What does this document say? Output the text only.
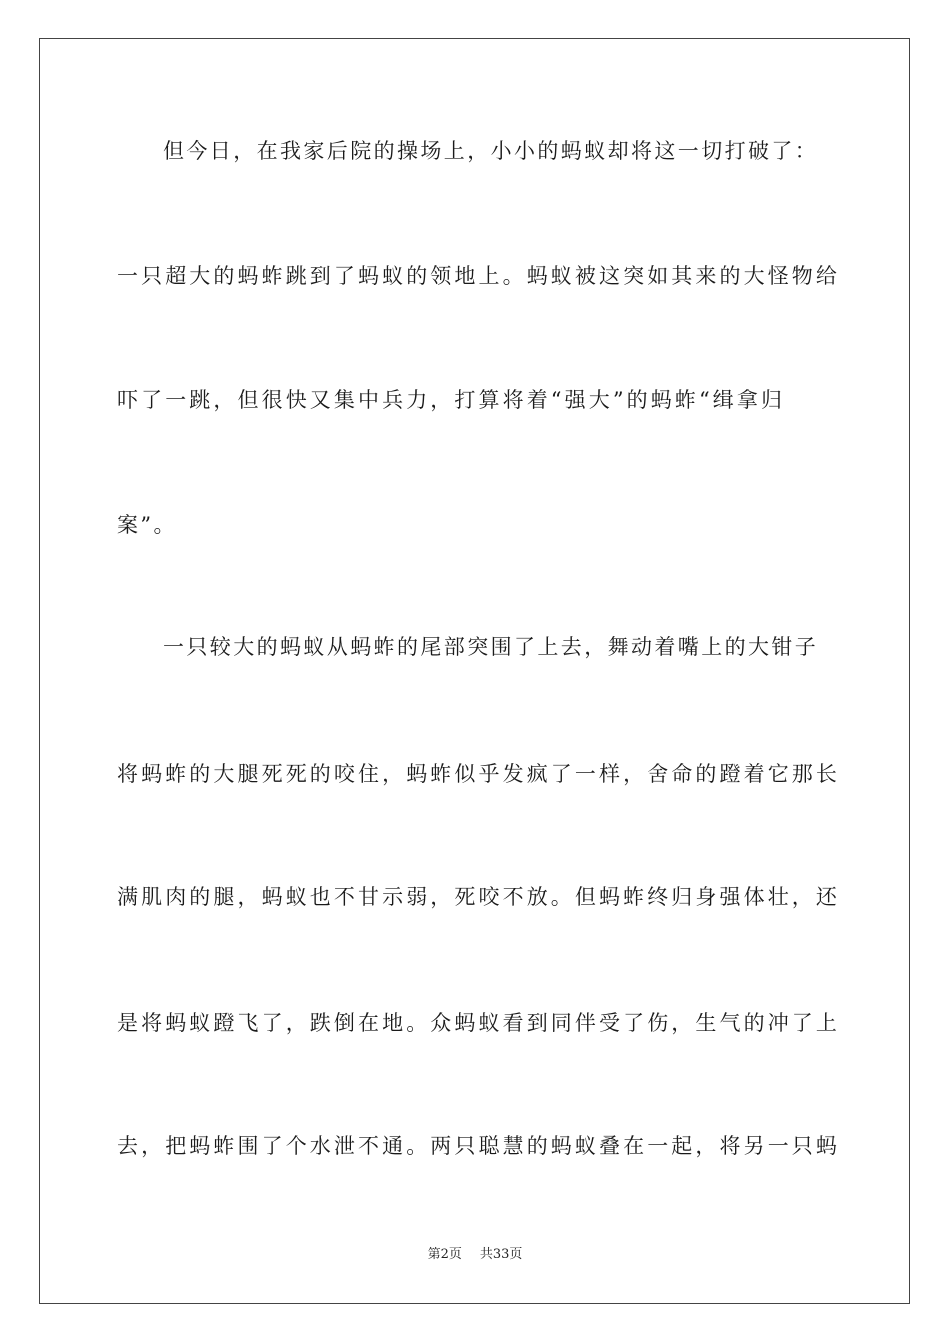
但今日，在我家后院的操场上，小小的蚂蚁却将这一切打破了：
一只超大的蚂蚱跳到了蚂蚁的领地上。蚂蚁被这突如其来的大怪物给
吓了一跳，但很快又集中兵力，打算将着“强大”的蚂蚱“缉拿归
案”。
一只较大的蚂蚁从蚂蚱的尾部突围了上去，舞动着嘴上的大钳子
将蚂蚱的大腿死死的咬住，蚂蚱似乎发疯了一样，舍命的蹬着它那长
满肌肉的腿，蚂蚁也不甘示弱，死咬不放。但蚂蚱终归身强体壮，还
是将蚂蚁蹬飞了，跌倒在地。众蚂蚁看到同伴受了伤，生气的冲了上
去，把蚂蚱围了个水泄不通。两只聪慧的蚂蚁叠在一起，将另一只蚂
第2页 共33页
